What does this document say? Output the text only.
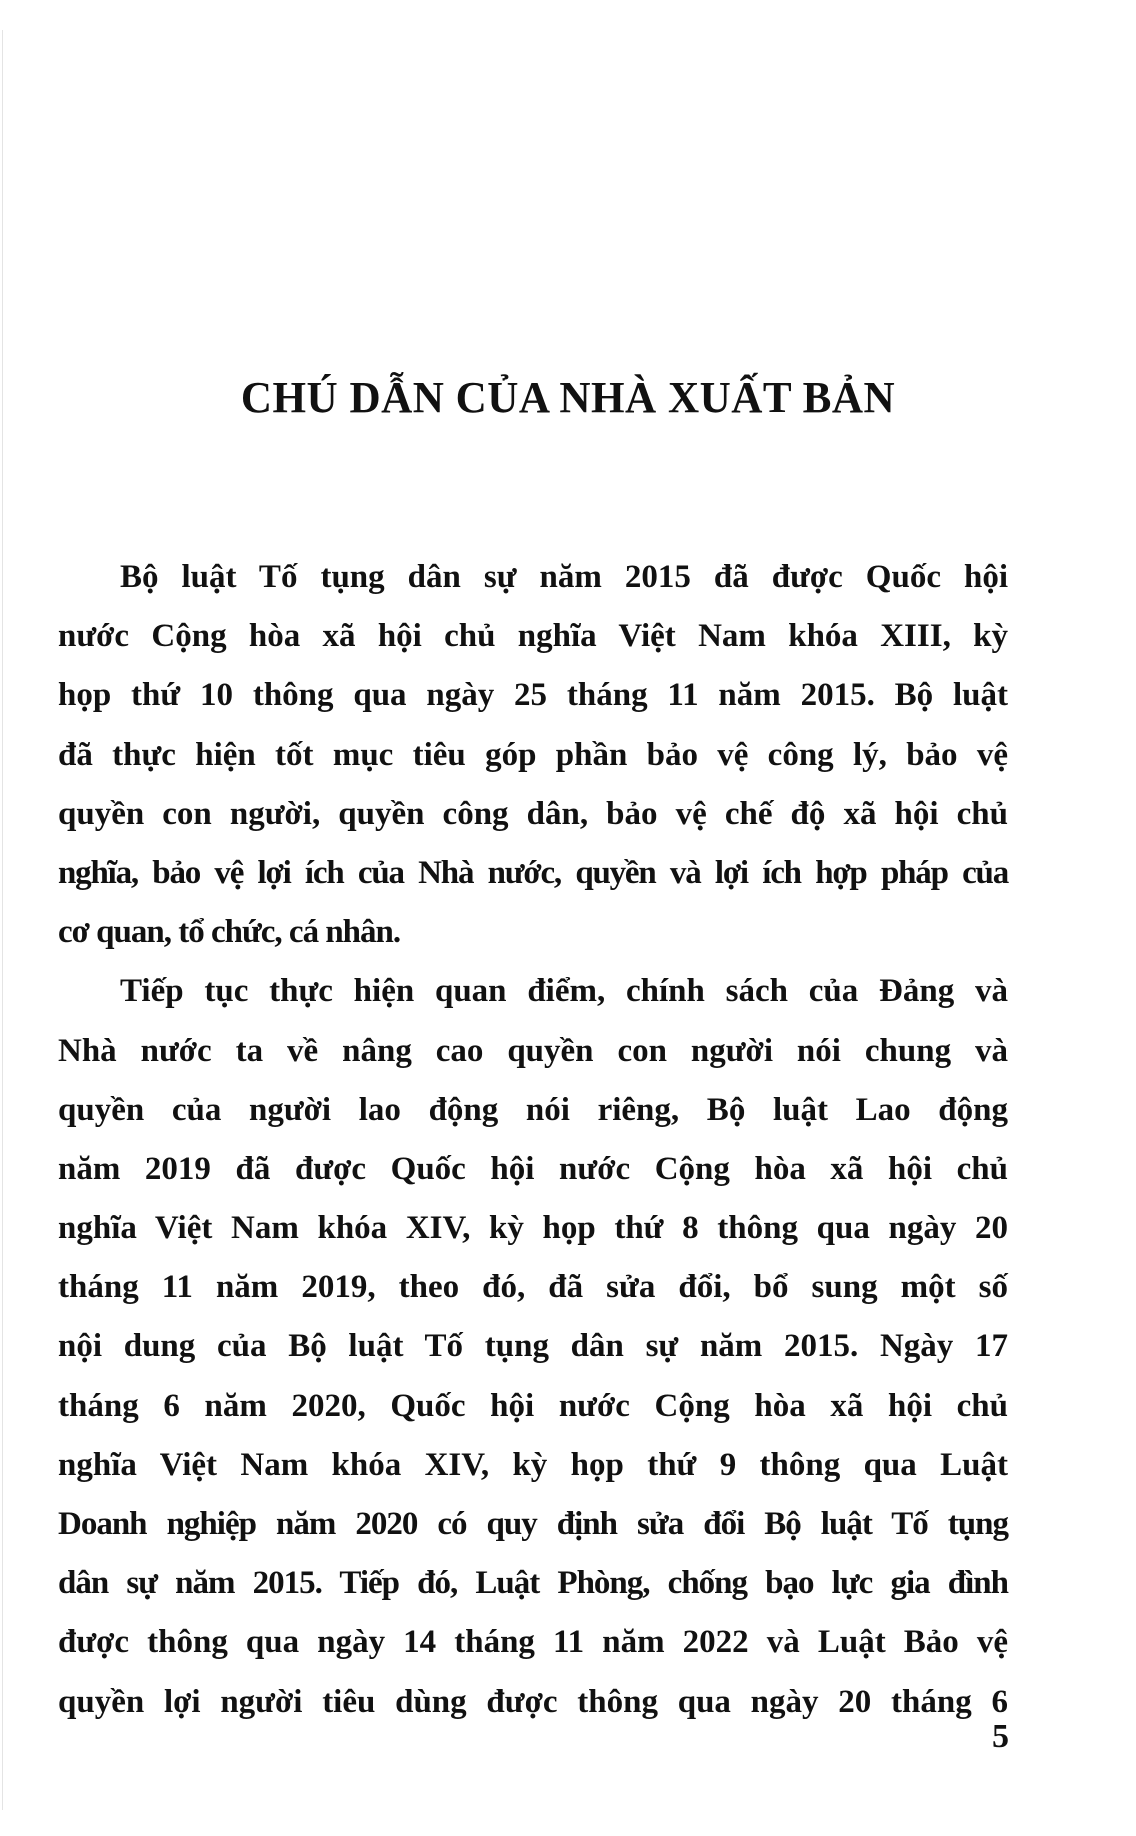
CHÚ DẪN CỦA NHÀ XUẤT BẢN
Bộ luật Tố tụng dân sự năm 2015 đã được Quốc hội
nước Cộng hòa xã hội chủ nghĩa Việt Nam khóa XIII, kỳ
họp thứ 10 thông qua ngày 25 tháng 11 năm 2015. Bộ luật
đã thực hiện tốt mục tiêu góp phần bảo vệ công lý, bảo vệ
quyền con người, quyền công dân, bảo vệ chế độ xã hội chủ
nghĩa, bảo vệ lợi ích của Nhà nước, quyền và lợi ích hợp pháp của
cơ quan, tổ chức, cá nhân.
Tiếp tục thực hiện quan điểm, chính sách của Đảng và
Nhà nước ta về nâng cao quyền con người nói chung và
quyền của người lao động nói riêng, Bộ luật Lao động
năm 2019 đã được Quốc hội nước Cộng hòa xã hội chủ
nghĩa Việt Nam khóa XIV, kỳ họp thứ 8 thông qua ngày 20
tháng 11 năm 2019, theo đó, đã sửa đổi, bổ sung một số
nội dung của Bộ luật Tố tụng dân sự năm 2015. Ngày 17
tháng 6 năm 2020, Quốc hội nước Cộng hòa xã hội chủ
nghĩa Việt Nam khóa XIV, kỳ họp thứ 9 thông qua Luật
Doanh nghiệp năm 2020 có quy định sửa đổi Bộ luật Tố tụng
dân sự năm 2015. Tiếp đó, Luật Phòng, chống bạo lực gia đình
được thông qua ngày 14 tháng 11 năm 2022 và Luật Bảo vệ
quyền lợi người tiêu dùng được thông qua ngày 20 tháng 6
5
